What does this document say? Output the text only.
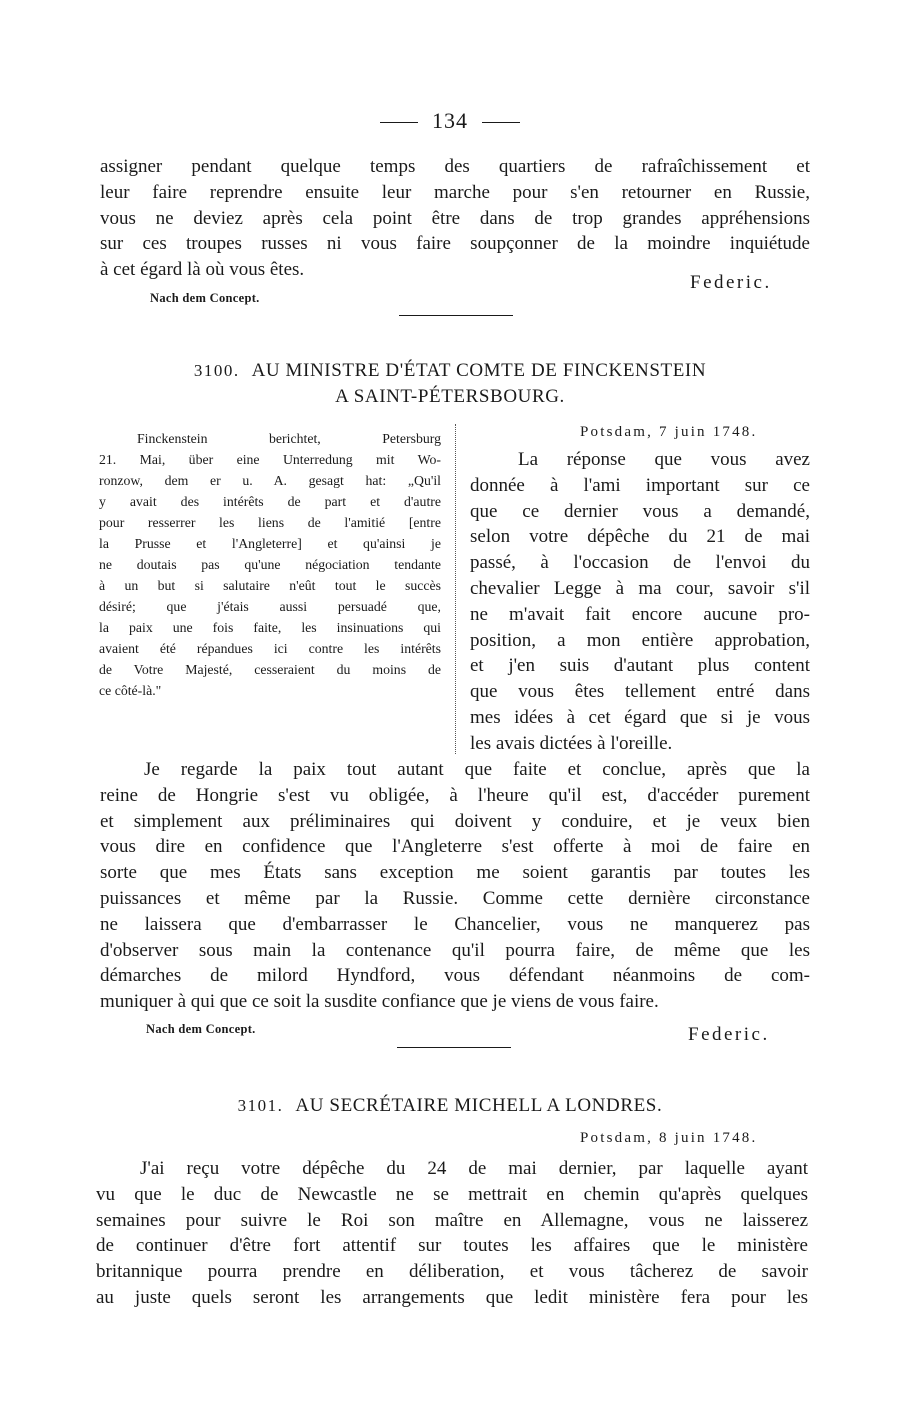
134
assigner pendant quelque temps des quartiers de rafraîchissement et
leur faire reprendre ensuite leur marche pour s'en retourner en Russie,
vous ne deviez après cela point être dans de trop grandes appréhensions
sur ces troupes russes ni vous faire soupçonner de la moindre inquiétude
à cet égard là où vous êtes.
Federic.
Nach dem Concept.
3100. AU MINISTRE D'ÉTAT COMTE DE FINCKENSTEIN
A SAINT-PÉTERSBOURG.
Finckenstein berichtet, Petersburg
21. Mai, über eine Unterredung mit Wo-
ronzow, dem er u. A. gesagt hat: „Qu'il
y avait des intérêts de part et d'autre
pour resserrer les liens de l'amitié [entre
la Prusse et l'Angleterre] et qu'ainsi je
ne doutais pas qu'une négociation tendante
à un but si salutaire n'eût tout le succès
désiré; que j'étais aussi persuadé que,
la paix une fois faite, les insinuations qui
avaient été répandues ici contre les intérêts
de Votre Majesté, cesseraient du moins de
ce côté-là."
Potsdam, 7 juin 1748.
La réponse que vous avez
donnée à l'ami important sur ce
que ce dernier vous a demandé,
selon votre dépêche du 21 de mai
passé, à l'occasion de l'envoi du
chevalier Legge à ma cour, savoir s'il
ne m'avait fait encore aucune pro-
position, a mon entière approbation,
et j'en suis d'autant plus content
que vous êtes tellement entré dans
mes idées à cet égard que si je vous
les avais dictées à l'oreille.
Je regarde la paix tout autant que faite et conclue, après que la
reine de Hongrie s'est vu obligée, à l'heure qu'il est, d'accéder purement
et simplement aux préliminaires qui doivent y conduire, et je veux bien
vous dire en confidence que l'Angleterre s'est offerte à moi de faire en
sorte que mes États sans exception me soient garantis par toutes les
puissances et même par la Russie. Comme cette dernière circonstance
ne laissera que d'embarrasser le Chancelier, vous ne manquerez pas
d'observer sous main la contenance qu'il pourra faire, de même que les
démarches de milord Hyndford, vous défendant néanmoins de com-
muniquer à qui que ce soit la susdite confiance que je viens de vous faire.
Nach dem Concept.	Federic.
3101. AU SECRÉTAIRE MICHELL A LONDRES.
Potsdam, 8 juin 1748.
J'ai reçu votre dépêche du 24 de mai dernier, par laquelle ayant
vu que le duc de Newcastle ne se mettrait en chemin qu'après quelques
semaines pour suivre le Roi son maître en Allemagne, vous ne laisserez
de continuer d'être fort attentif sur toutes les affaires que le ministère
britannique pourra prendre en déliberation, et vous tâcherez de savoir
au juste quels seront les arrangements que ledit ministère fera pour les
